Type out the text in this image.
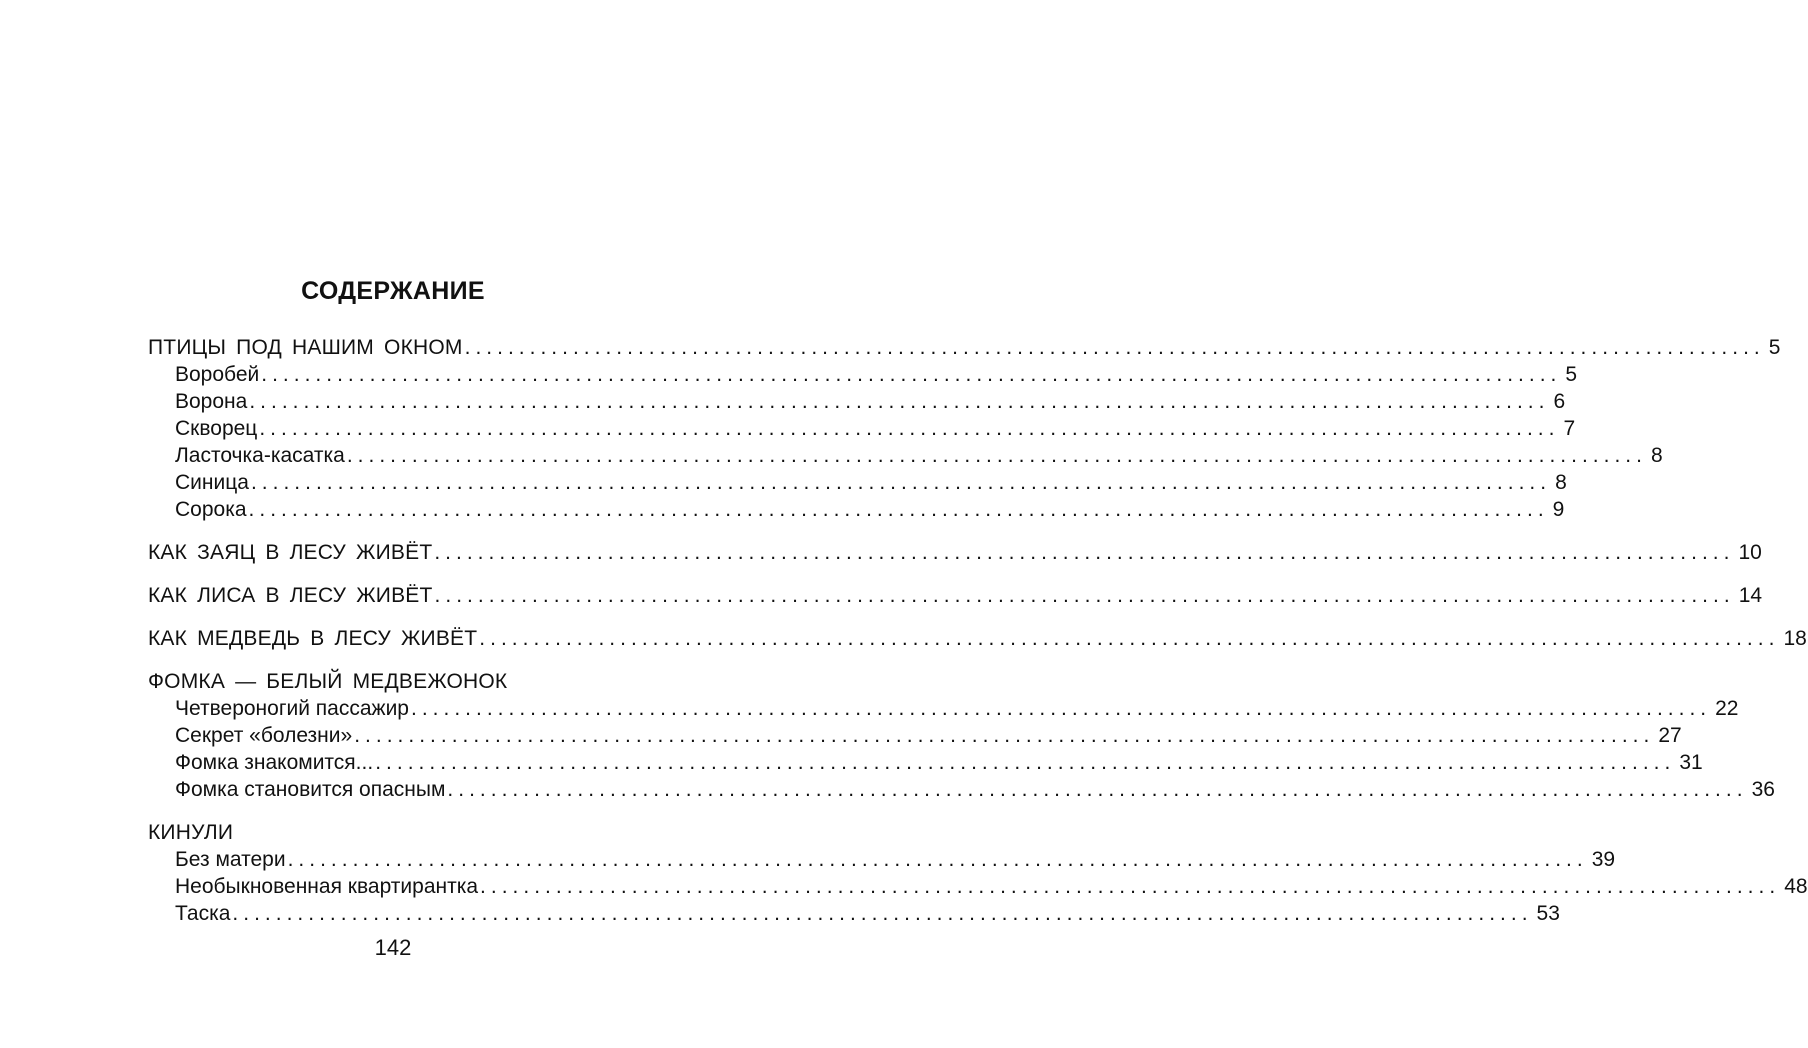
СОДЕРЖАНИЕ
ПТИЦЫ ПОД НАШИМ ОКНОМ ........................................................................................................................ 5
Воробей ........................................................................................................................ 5
Ворона ........................................................................................................................ 6
Скворец ........................................................................................................................ 7
Ласточка-касатка ........................................................................................................................ 8
Синица ........................................................................................................................ 8
Сорока ........................................................................................................................ 9
КАК ЗАЯЦ В ЛЕСУ ЖИВЁТ ........................................................................................................................ 10
КАК ЛИСА В ЛЕСУ ЖИВЁТ ........................................................................................................................ 14
КАК МЕДВЕДЬ В ЛЕСУ ЖИВЁТ ........................................................................................................................ 18
ФОМКА — БЕЛЫЙ МЕДВЕЖОНОК
Четвероногий пассажир ........................................................................................................................ 22
Секрет «болезни» ........................................................................................................................ 27
Фомка знакомится... ........................................................................................................................ 31
Фомка становится опасным ........................................................................................................................ 36
КИНУЛИ
Без матери ........................................................................................................................ 39
Необыкновенная квартирантка ........................................................................................................................ 48
Таска ........................................................................................................................ 53
142
